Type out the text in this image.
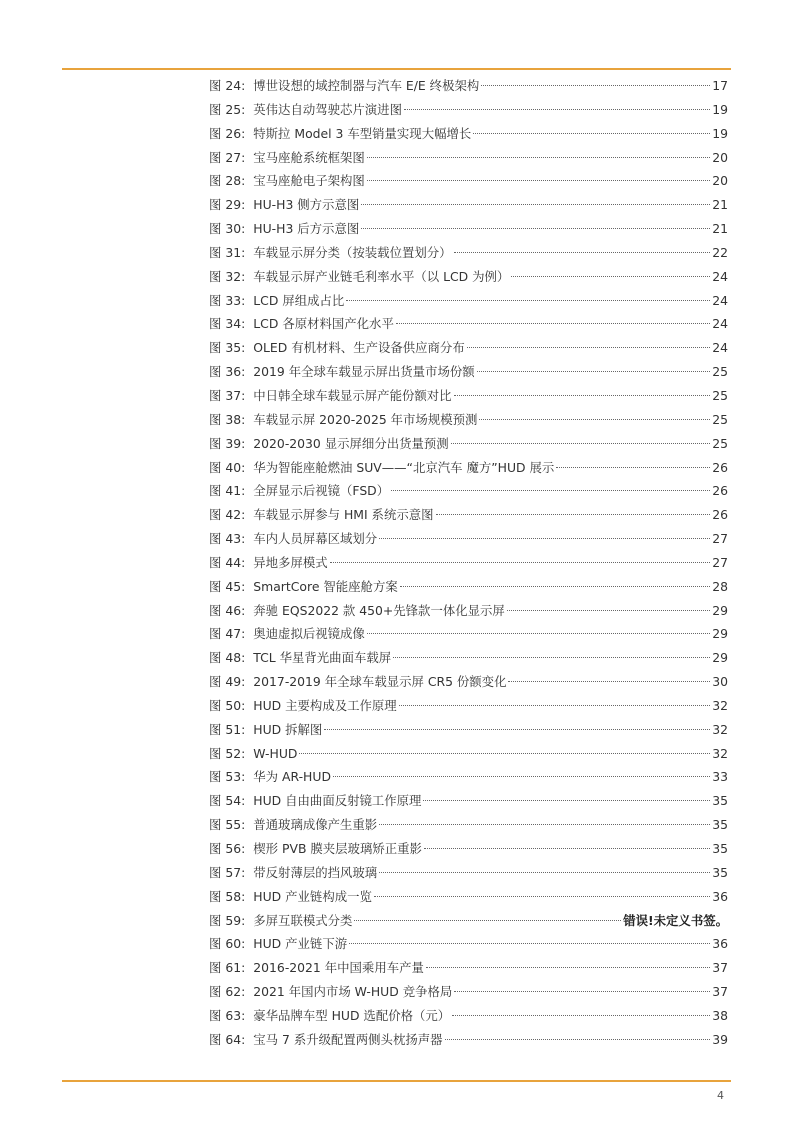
图 24: 博世设想的域控制器与汽车 E/E 终极架构	17
图 25: 英伟达自动驾驶芯片演进图	19
图 26: 特斯拉 Model 3 车型销量实现大幅增长	19
图 27: 宝马座舱系统框架图	20
图 28: 宝马座舱电子架构图	20
图 29: HU-H3 侧方示意图	21
图 30: HU-H3 后方示意图	21
图 31: 车载显示屏分类（按装载位置划分）	22
图 32: 车载显示屏产业链毛利率水平（以 LCD 为例）	24
图 33: LCD 屏组成占比	24
图 34: LCD 各原材料国产化水平	24
图 35: OLED 有机材料、生产设备供应商分布	24
图 36: 2019 年全球车载显示屏出货量市场份额	25
图 37: 中日韩全球车载显示屏产能份额对比	25
图 38: 车载显示屏 2020-2025 年市场规模预测	25
图 39: 2020-2030 显示屏细分出货量预测	25
图 40: 华为智能座舱燃油 SUV——“北京汽车 魔方”HUD 展示	26
图 41: 全屏显示后视镜（FSD）	26
图 42: 车载显示屏参与 HMI 系统示意图	26
图 43: 车内人员屏幕区域划分	27
图 44: 异地多屏模式	27
图 45: SmartCore 智能座舱方案	28
图 46: 奔驰 EQS2022 款 450+先锋款一体化显示屏	29
图 47: 奥迪虚拟后视镜成像	29
图 48: TCL 华星背光曲面车载屏	29
图 49: 2017-2019 年全球车载显示屏 CR5 份额变化	30
图 50: HUD 主要构成及工作原理	32
图 51: HUD 拆解图	32
图 52: W-HUD	32
图 53: 华为 AR-HUD	33
图 54: HUD 自由曲面反射镜工作原理	35
图 55: 普通玻璃成像产生重影	35
图 56: 楔形 PVB 膜夹层玻璃矫正重影	35
图 57: 带反射薄层的挡风玻璃	35
图 58: HUD 产业链构成一览	36
图 59: 多屏互联模式分类	错误!未定义书签。
图 60: HUD 产业链下游	36
图 61: 2016-2021 年中国乘用车产量	37
图 62: 2021 年国内市场 W-HUD 竞争格局	37
图 63: 豪华品牌车型 HUD 选配价格（元）	38
图 64: 宝马 7 系升级配置两侧头枕扬声器	39
4
